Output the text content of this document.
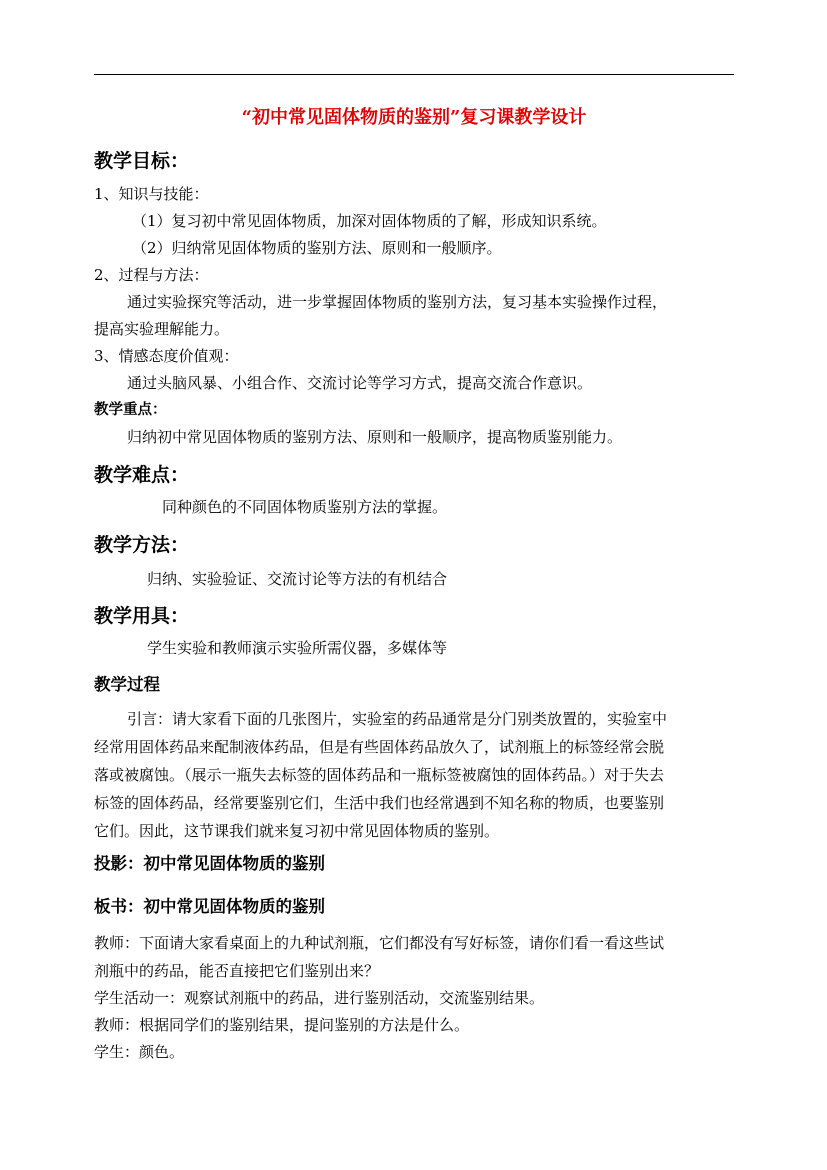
“初中常见固体物质的鉴别”复习课教学设计
教学目标：
1、知识与技能：
（1）复习初中常见固体物质，加深对固体物质的了解，形成知识系统。
（2）归纳常见固体物质的鉴别方法、原则和一般顺序。
2、过程与方法：
通过实验探究等活动，进一步掌握固体物质的鉴别方法，复习基本实验操作过程，
提高实验理解能力。
3、情感态度价值观：
通过头脑风暴、小组合作、交流讨论等学习方式，提高交流合作意识。
教学重点：
归纳初中常见固体物质的鉴别方法、原则和一般顺序，提高物质鉴别能力。
教学难点：
同种颜色的不同固体物质鉴别方法的掌握。
教学方法：
归纳、实验验证、交流讨论等方法的有机结合
教学用具：
学生实验和教师演示实验所需仪器，多媒体等
教学过程
引言：请大家看下面的几张图片，实验室的药品通常是分门别类放置的，实验室中
经常用固体药品来配制液体药品，但是有些固体药品放久了，试剂瓶上的标签经常会脱
落或被腐蚀。（展示一瓶失去标签的固体药品和一瓶标签被腐蚀的固体药品。）对于失去
标签的固体药品，经常要鉴别它们，生活中我们也经常遇到不知名称的物质，也要鉴别
它们。因此，这节课我们就来复习初中常见固体物质的鉴别。
投影：初中常见固体物质的鉴别
板书：初中常见固体物质的鉴别
教师：下面请大家看桌面上的九种试剂瓶，它们都没有写好标签，请你们看一看这些试
剂瓶中的药品，能否直接把它们鉴别出来？
学生活动一：观察试剂瓶中的药品，进行鉴别活动，交流鉴别结果。
教师：根据同学们的鉴别结果，提问鉴别的方法是什么。
学生：颜色。
